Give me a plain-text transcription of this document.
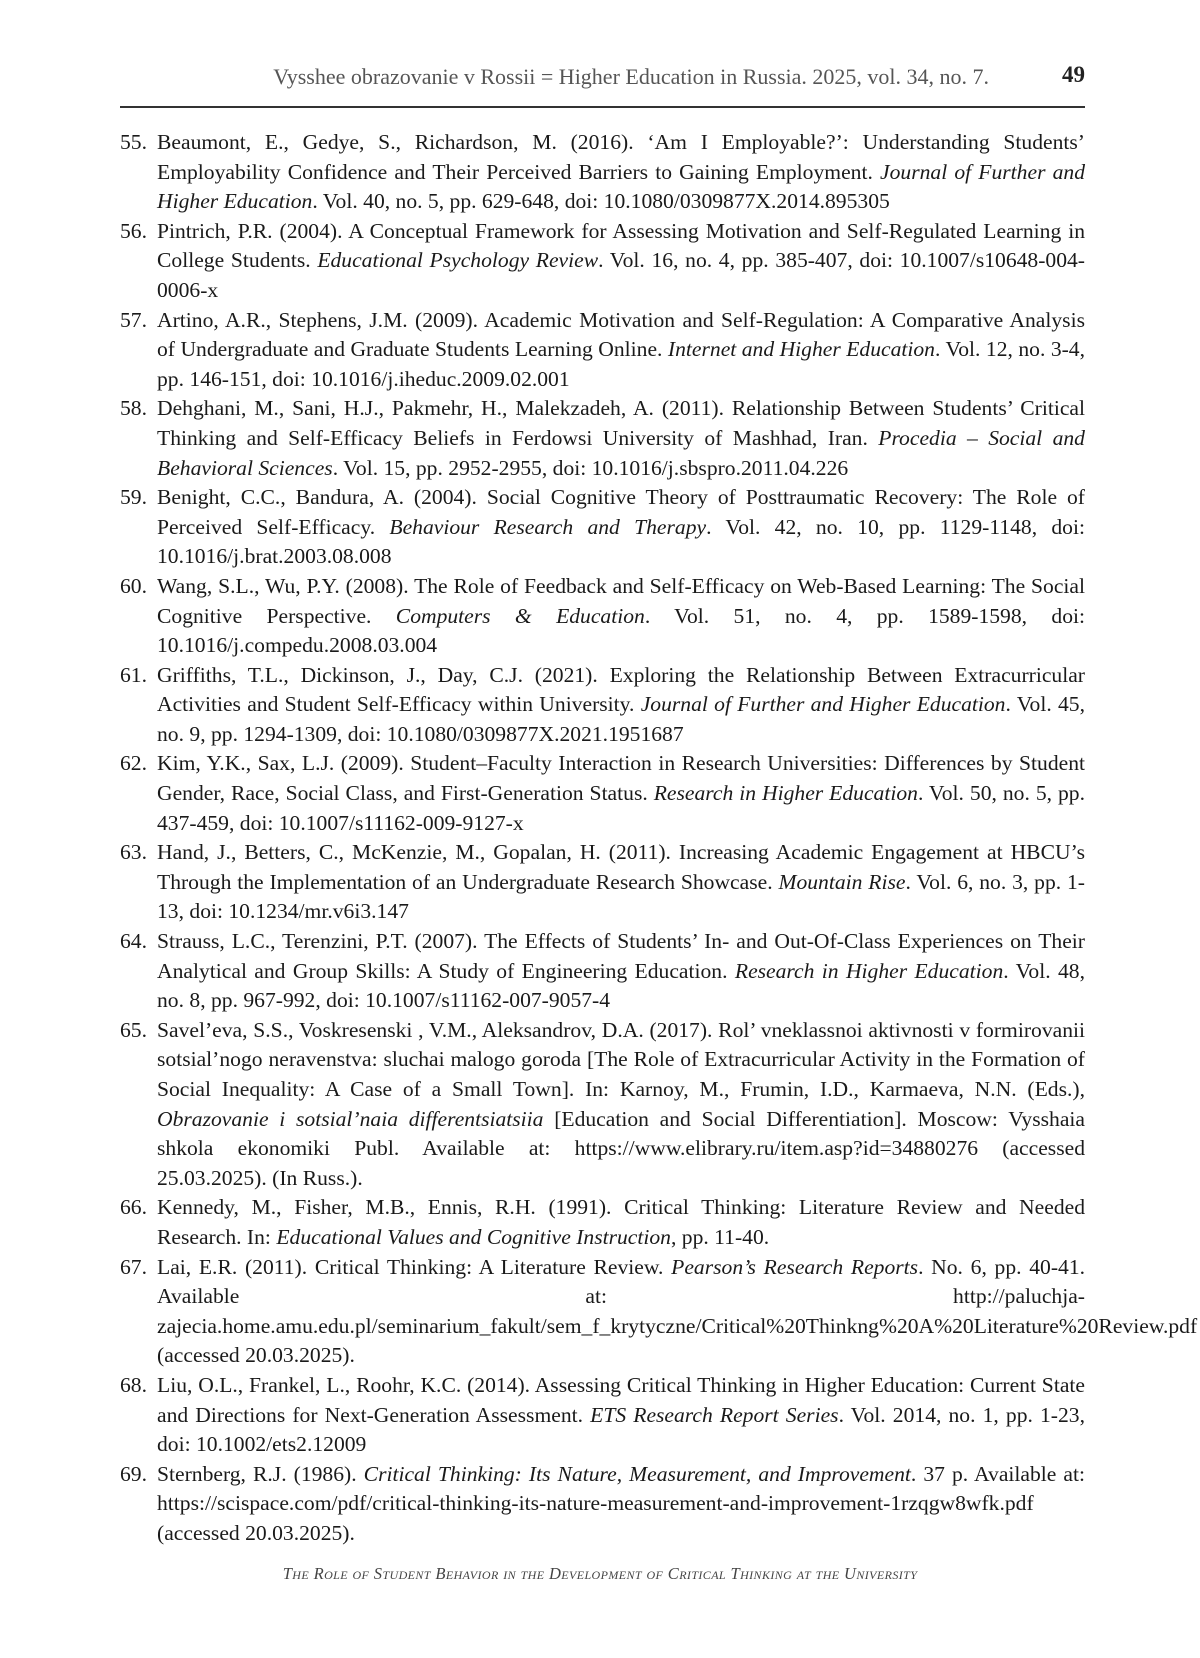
Vysshee obrazovanie v Rossii = Higher Education in Russia. 2025, vol. 34, no. 7.	49
55. Beaumont, E., Gedye, S., Richardson, M. (2016). ‘Am I Employable?’: Understanding Students’ Employability Confidence and Their Perceived Barriers to Gaining Employment. Journal of Further and Higher Education. Vol. 40, no. 5, pp. 629-648, doi: 10.1080/0309877X.2014.895305
56. Pintrich, P.R. (2004). A Conceptual Framework for Assessing Motivation and Self-Regulated Learning in College Students. Educational Psychology Review. Vol. 16, no. 4, pp. 385-407, doi: 10.1007/s10648-004-0006-x
57. Artino, A.R., Stephens, J.M. (2009). Academic Motivation and Self-Regulation: A Comparative Analysis of Undergraduate and Graduate Students Learning Online. Internet and Higher Education. Vol. 12, no. 3-4, pp. 146-151, doi: 10.1016/j.iheduc.2009.02.001
58. Dehghani, M., Sani, H.J., Pakmehr, H., Malekzadeh, A. (2011). Relationship Between Students’ Critical Thinking and Self-Efficacy Beliefs in Ferdowsi University of Mashhad, Iran. Procedia – Social and Behavioral Sciences. Vol. 15, pp. 2952-2955, doi: 10.1016/j.sbspro.2011.04.226
59. Benight, C.C., Bandura, A. (2004). Social Cognitive Theory of Posttraumatic Recovery: The Role of Perceived Self-Efficacy. Behaviour Research and Therapy. Vol. 42, no. 10, pp. 1129-1148, doi: 10.1016/j.brat.2003.08.008
60. Wang, S.L., Wu, P.Y. (2008). The Role of Feedback and Self-Efficacy on Web-Based Learning: The Social Cognitive Perspective. Computers & Education. Vol. 51, no. 4, pp. 1589-1598, doi: 10.1016/j.compedu.2008.03.004
61. Griffiths, T.L., Dickinson, J., Day, C.J. (2021). Exploring the Relationship Between Extracurricular Activities and Student Self-Efficacy within University. Journal of Further and Higher Education. Vol. 45, no. 9, pp. 1294-1309, doi: 10.1080/0309877X.2021.1951687
62. Kim, Y.K., Sax, L.J. (2009). Student–Faculty Interaction in Research Universities: Differences by Student Gender, Race, Social Class, and First-Generation Status. Research in Higher Education. Vol. 50, no. 5, pp. 437-459, doi: 10.1007/s11162-009-9127-x
63. Hand, J., Betters, C., McKenzie, M., Gopalan, H. (2011). Increasing Academic Engagement at HBCU’s Through the Implementation of an Undergraduate Research Showcase. Mountain Rise. Vol. 6, no. 3, pp. 1-13, doi: 10.1234/mr.v6i3.147
64. Strauss, L.C., Terenzini, P.T. (2007). The Effects of Students’ In- and Out-Of-Class Experiences on Their Analytical and Group Skills: A Study of Engineering Education. Research in Higher Education. Vol. 48, no. 8, pp. 967-992, doi: 10.1007/s11162-007-9057-4
65. Savel’eva, S.S., Voskresenski , V.M., Aleksandrov, D.A. (2017). Rol’ vneklassnoi aktivnosti v formirovanii sotsial’nogo neravenstva: sluchai malogo goroda [The Role of Extracurricular Activity in the Formation of Social Inequality: A Case of a Small Town]. In: Karnoy, M., Frumin, I.D., Karmaeva, N.N. (Eds.), Obrazovanie i sotsial’naia differentsiatsiia [Education and Social Differentiation]. Moscow: Vysshaia shkola ekonomiki Publ. Available at: https://www.elibrary.ru/item.asp?id=34880276 (accessed 25.03.2025). (In Russ.).
66. Kennedy, M., Fisher, M.B., Ennis, R.H. (1991). Critical Thinking: Literature Review and Needed Research. In: Educational Values and Cognitive Instruction, pp. 11-40.
67. Lai, E.R. (2011). Critical Thinking: A Literature Review. Pearson’s Research Reports. No. 6, pp. 40-41. Available at: http://paluchja-zajecia.home.amu.edu.pl/seminarium_fakult/sem_f_krytyczne/Critical%20Thinkng%20A%20Literature%20Review.pdf (accessed 20.03.2025).
68. Liu, O.L., Frankel, L., Roohr, K.C. (2014). Assessing Critical Thinking in Higher Education: Current State and Directions for Next-Generation Assessment. ETS Research Report Series. Vol. 2014, no. 1, pp. 1-23, doi: 10.1002/ets2.12009
69. Sternberg, R.J. (1986). Critical Thinking: Its Nature, Measurement, and Improvement. 37 p. Available at: https://scispace.com/pdf/critical-thinking-its-nature-measurement-and-improvement-1rzqgw8wfk.pdf (accessed 20.03.2025).
The Role of Student Behavior in the Development of Critical Thinking at the University
